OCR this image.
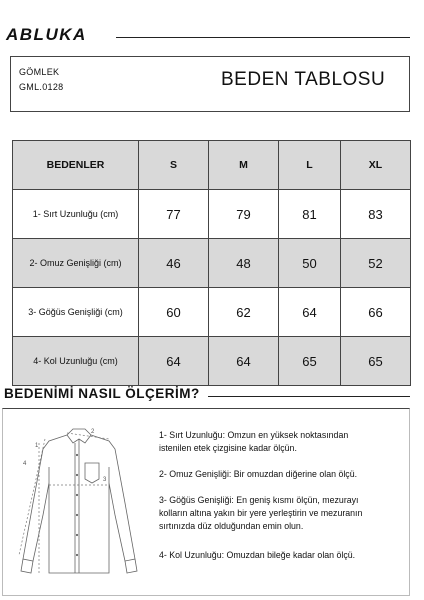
ABLUKA
GÖMLEK
GML.0128	BEDEN TABLOSU
BEDENLER	S	M	L	XL
1- Sırt Uzunluğu (cm)	77	79	81	83
2- Omuz Genişliği (cm)	46	48	50	52
3- Göğüs Genişliği (cm)	60	62	64	66
4- Kol Uzunluğu (cm)	64	64	65	65
BEDENİMİ NASIL ÖLÇERİM?
2
3
1
4
1- Sırt Uzunluğu: Omzun en yüksek noktasından
istenilen etek çizgisine kadar ölçün.
2- Omuz Genişliği: Bir omuzdan diğerine olan ölçü.
3- Göğüs Genişliği: En geniş kısmı ölçün, mezurayı
kolların altına yakın bir yere yerleştirin ve mezuranın
sırtınızda düz olduğundan emin olun.
4- Kol Uzunluğu: Omuzdan bileğe kadar olan ölçü.
